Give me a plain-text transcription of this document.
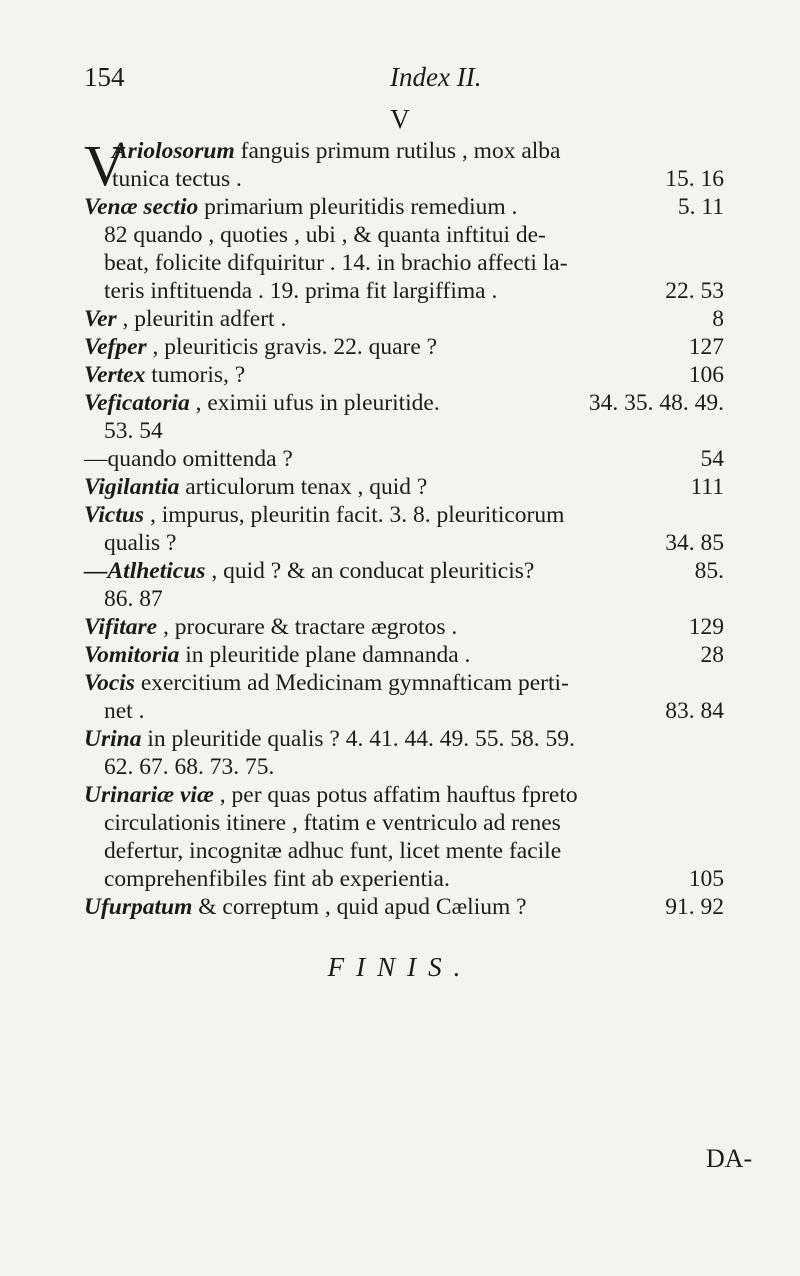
154	Index II.
V
V
Ariolosorum fanguis primum rutilus , mox alba
tunica tectus .	15. 16
Venæ sectio primarium pleuritidis remedium .	5. 11
82 quando , quoties , ubi , & quanta inftitui de-
beat, folicite difquiritur . 14. in brachio affecti la-
teris inftituenda . 19. prima fit largiffima .	22. 53
Ver , pleuritin adfert .	8
Vefper , pleuriticis gravis. 22. quare ?	127
Vertex tumoris, ?	106
Veficatoria , eximii ufus in pleuritide.	34. 35. 48. 49.
53. 54
—quando omittenda ?	54
Vigilantia articulorum tenax , quid ?	111
Victus , impurus, pleuritin facit. 3. 8. pleuriticorum
qualis ?	34. 85
—Atlheticus , quid ? & an conducat pleuriticis?	85.
86. 87
Vifitare , procurare & tractare ægrotos .	129
Vomitoria in pleuritide plane damnanda .	28
Vocis exercitium ad Medicinam gymnafticam perti-
net .	83. 84
Urina in pleuritide qualis ? 4. 41. 44. 49. 55. 58. 59.
62. 67. 68. 73. 75.
Urinariæ viæ , per quas potus affatim hauftus fpreto
circulationis itinere , ftatim e ventriculo ad renes
defertur, incognitæ adhuc funt, licet mente facile
comprehenfibiles fint ab experientia.	105
Ufurpatum & correptum , quid apud Cælium ?	91. 92
FINIS.
DA-
